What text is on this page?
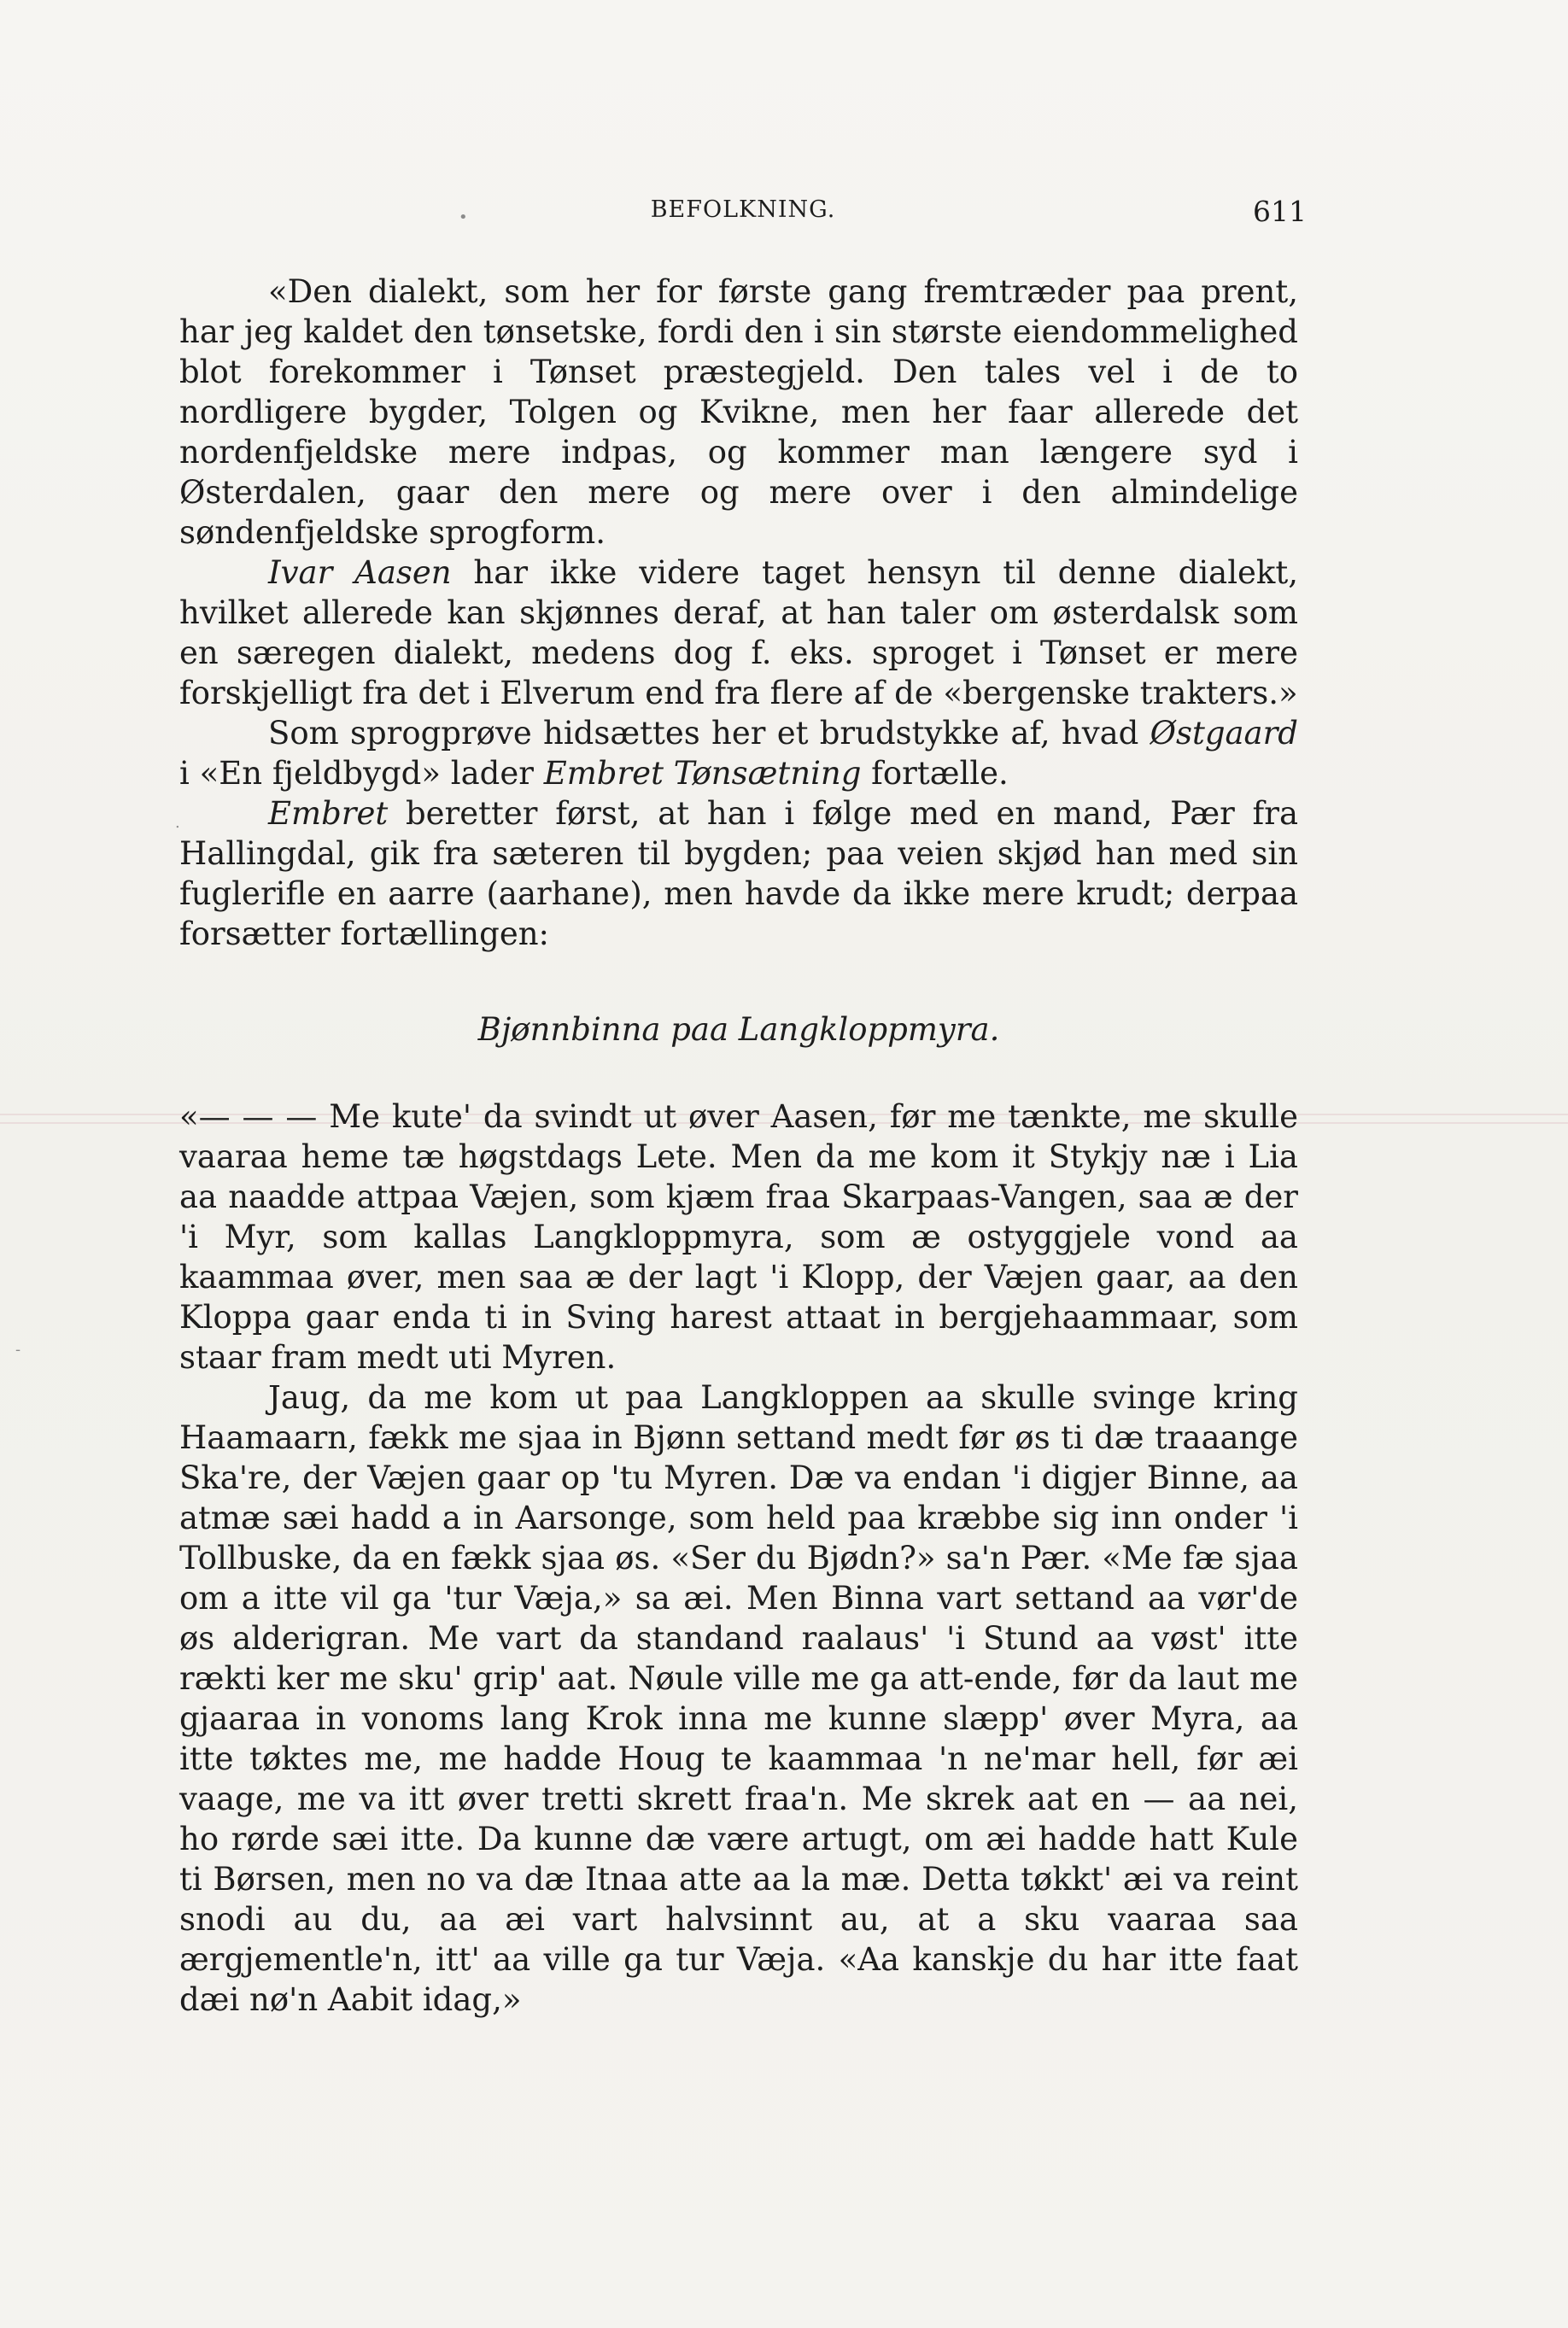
•
.
-
BEFOLKNING.	611

«Den dialekt, som her for første gang fremtræder paa prent, har jeg kaldet den tønsetske, fordi den i sin største eiendommelighed blot forekommer i Tønset præstegjeld. Den tales vel i de to nordligere bygder, Tolgen og Kvikne, men her faar allerede det nordenfjeldske mere indpas, og kommer man længere syd i Østerdalen, gaar den mere og mere over i den almindelige søndenfjeldske sprogform.

Ivar Aasen har ikke videre taget hensyn til denne dialekt, hvilket allerede kan skjønnes deraf, at han taler om østerdalsk som en særegen dialekt, medens dog f. eks. sproget i Tønset er mere forskjelligt fra det i Elverum end fra flere af de «bergenske trakters.»

Som sprogprøve hidsættes her et brudstykke af, hvad Østgaard i «En fjeldbygd» lader Embret Tønsætning fortælle.

Embret beretter først, at han i følge med en mand, Pær fra Hallingdal, gik fra sæteren til bygden; paa veien skjød han med sin fuglerifle en aarre (aarhane), men havde da ikke mere krudt; derpaa forsætter fortællingen:

Bjønnbinna paa Langkloppmyra.

«— — — Me kute' da svindt ut øver Aasen, før me tænkte, me skulle vaaraa heme tæ høgstdags Lete. Men da me kom it Stykjy næ i Lia aa naadde attpaa Væjen, som kjæm fraa Skarpaas-Vangen, saa æ der 'i Myr, som kallas Langkloppmyra, som æ ostyggjele vond aa kaammaa øver, men saa æ der lagt 'i Klopp, der Væjen gaar, aa den Kloppa gaar enda ti in Sving harest attaat in bergjehaammaar, som staar fram medt uti Myren.

Jaug, da me kom ut paa Langkloppen aa skulle svinge kring Haamaarn, fækk me sjaa in Bjønn settand medt før øs ti dæ traaange Ska're, der Væjen gaar op 'tu Myren. Dæ va endan 'i digjer Binne, aa atmæ sæi hadd a in Aarsonge, som held paa kræbbe sig inn onder 'i Tollbuske, da en fækk sjaa øs. «Ser du Bjødn?» sa'n Pær. «Me fæ sjaa om a itte vil ga 'tur Væja,» sa æi. Men Binna vart settand aa vør'de øs alderigran. Me vart da standand raalaus' 'i Stund aa vøst' itte rækti ker me sku' grip' aat. Nøule ville me ga att-ende, før da laut me gjaaraa in vonoms lang Krok inna me kunne slæpp' øver Myra, aa itte tøktes me, me hadde Houg te kaammaa 'n ne'mar hell, før æi vaage, me va itt øver tretti skrett fraa'n. Me skrek aat en — aa nei, ho rørde sæi itte. Da kunne dæ være artugt, om æi hadde hatt Kule ti Børsen, men no va dæ Itnaa atte aa la mæ. Detta tøkkt' æi va reint snodi au du, aa æi vart halvsinnt au, at a sku vaaraa saa ærgjementle'n, itt' aa ville ga tur Væja. «Aa kanskje du har itte faat dæi nø'n Aabit idag,»
